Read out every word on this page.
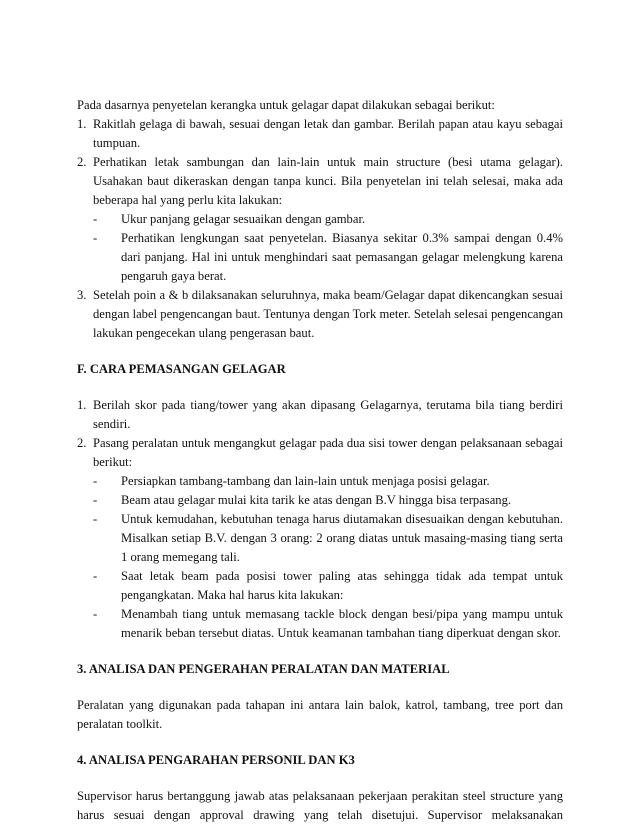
Pada dasarnya penyetelan kerangka untuk gelagar dapat dilakukan sebagai berikut:

1. Rakitlah gelaga di bawah, sesuai dengan letak dan gambar. Berilah papan atau kayu sebagai tumpuan.

2. Perhatikan letak sambungan dan lain-lain untuk main structure (besi utama gelagar). Usahakan baut dikeraskan dengan tanpa kunci. Bila penyetelan ini telah selesai, maka ada beberapa hal yang perlu kita lakukan:

- Ukur panjang gelagar sesuaikan dengan gambar.

- Perhatikan lengkungan saat penyetelan. Biasanya sekitar 0.3% sampai dengan 0.4% dari panjang. Hal ini untuk menghindari saat pemasangan gelagar melengkung karena pengaruh gaya berat.

3. Setelah poin a & b dilaksanakan seluruhnya, maka beam/Gelagar dapat dikencangkan sesuai dengan label pengencangan baut. Tentunya dengan Tork meter. Setelah selesai pengencangan lakukan pengecekan ulang pengerasan baut.

F. CARA PEMASANGAN GELAGAR
1. Berilah skor pada tiang/tower yang akan dipasang Gelagarnya, terutama bila tiang berdiri sendiri.

2. Pasang peralatan untuk mengangkut gelagar pada dua sisi tower dengan pelaksanaan sebagai berikut:

- Persiapkan tambang-tambang dan lain-lain untuk menjaga posisi gelagar.

- Beam atau gelagar mulai kita tarik ke atas dengan B.V hingga bisa terpasang.

- Untuk kemudahan, kebutuhan tenaga harus diutamakan disesuaikan dengan kebutuhan. Misalkan setiap B.V. dengan 3 orang: 2 orang diatas untuk masaing-masing tiang serta 1 orang memegang tali.

- Saat letak beam pada posisi tower paling atas sehingga tidak ada tempat untuk pengangkatan. Maka hal harus kita lakukan:

- Menambah tiang untuk memasang tackle block dengan besi/pipa yang mampu untuk menarik beban tersebut diatas. Untuk keamanan tambahan tiang diperkuat dengan skor.

3. ANALISA DAN PENGERAHAN PERALATAN DAN MATERIAL

Peralatan yang digunakan pada tahapan ini antara lain balok, katrol, tambang, tree port dan peralatan toolkit.

4. ANALISA PENGARAHAN PERSONIL DAN K3

Supervisor harus bertanggung jawab atas pelaksanaan pekerjaan perakitan steel structure yang harus sesuai dengan approval drawing yang telah disetujui. Supervisor melaksanakan
